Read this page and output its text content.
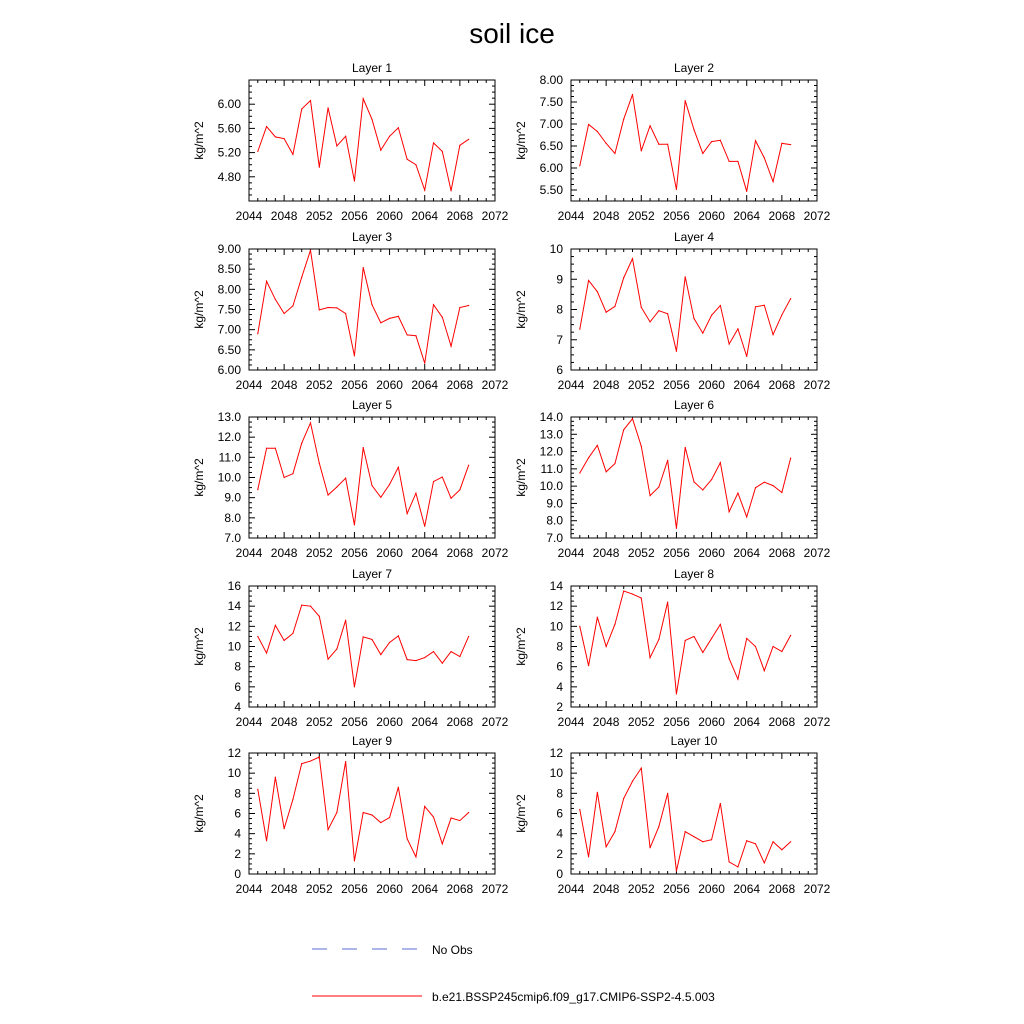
soil ice
Layer 1
kg/m^2
2044 2048 2052 2056 2060 2064 2068 2072
4.80
5.20
5.60
6.00
Layer 2
kg/m^2
2044 2048 2052 2056 2060 2064 2068 2072
5.50
6.00
6.50
7.00
7.50
8.00
Layer 3
kg/m^2
2044 2048 2052 2056 2060 2064 2068 2072
6.00
6.50
7.00
7.50
8.00
8.50
9.00
Layer 4
kg/m^2
2044 2048 2052 2056 2060 2064 2068 2072
6
7
8
9
10
Layer 5
kg/m^2
2044 2048 2052 2056 2060 2064 2068 2072
7.0
8.0
9.0
10.0
11.0
12.0
13.0
Layer 6
kg/m^2
2044 2048 2052 2056 2060 2064 2068 2072
7.0
8.0
9.0
10.0
11.0
12.0
13.0
14.0
Layer 7
kg/m^2
2044 2048 2052 2056 2060 2064 2068 2072
4
6
8
10
12
14
16
Layer 8
kg/m^2
2044 2048 2052 2056 2060 2064 2068 2072
2
4
6
8
10
12
14
Layer 9
kg/m^2
2044 2048 2052 2056 2060 2064 2068 2072
0
2
4
6
8
10
12
Layer 10
kg/m^2
2044 2048 2052 2056 2060 2064 2068 2072
0
2
4
6
8
10
12
No Obs
b.e21.BSSP245cmip6.f09_g17.CMIP6-SSP2-4.5.003
